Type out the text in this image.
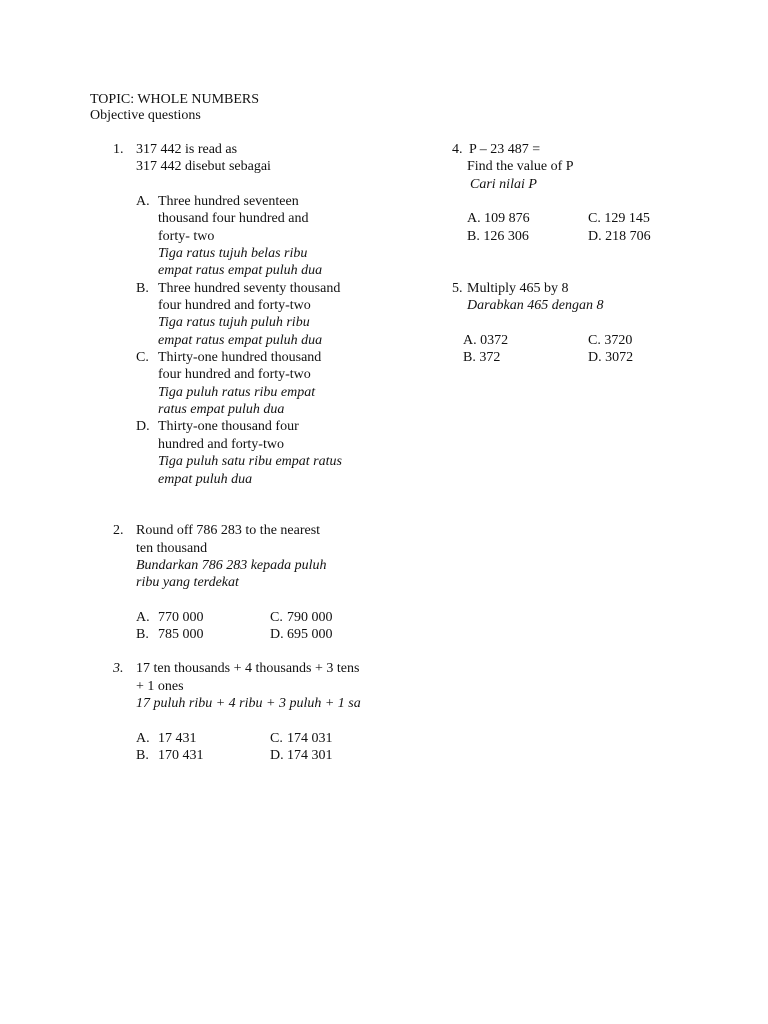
TOPIC: WHOLE NUMBERS
Objective questions
1. 317 442 is read as
317 442 disebut sebagai
A. Three hundred seventeen
thousand four hundred and
forty- two
Tiga ratus tujuh belas ribu
empat ratus empat puluh dua
B. Three hundred seventy thousand
four hundred and forty-two
Tiga ratus tujuh puluh ribu
empat ratus empat puluh dua
C. Thirty-one hundred thousand
four hundred and forty-two
Tiga puluh ratus ribu empat
ratus empat puluh dua
D. Thirty-one thousand four
hundred and forty-two
Tiga puluh satu ribu empat ratus
empat puluh dua
2. Round off 786 283 to the nearest
ten thousand
Bundarkan 786 283 kepada puluh
ribu yang terdekat
A. 770 000
B. 785 000
C. 790 000
D. 695 000
3. 17 ten thousands + 4 thousands + 3 tens
+ 1 ones
17 puluh ribu + 4 ribu + 3 puluh + 1 sa
A. 17 431
B. 170 431
C. 174 031
D. 174 301
4. P – 23 487 =
Find the value of P
Cari nilai P
A. 109 876
B. 126 306
C. 129 145
D. 218 706
5. Multiply 465 by 8
Darabkan 465 dengan 8
A. 0372
B. 372
C. 3720
D. 3072
